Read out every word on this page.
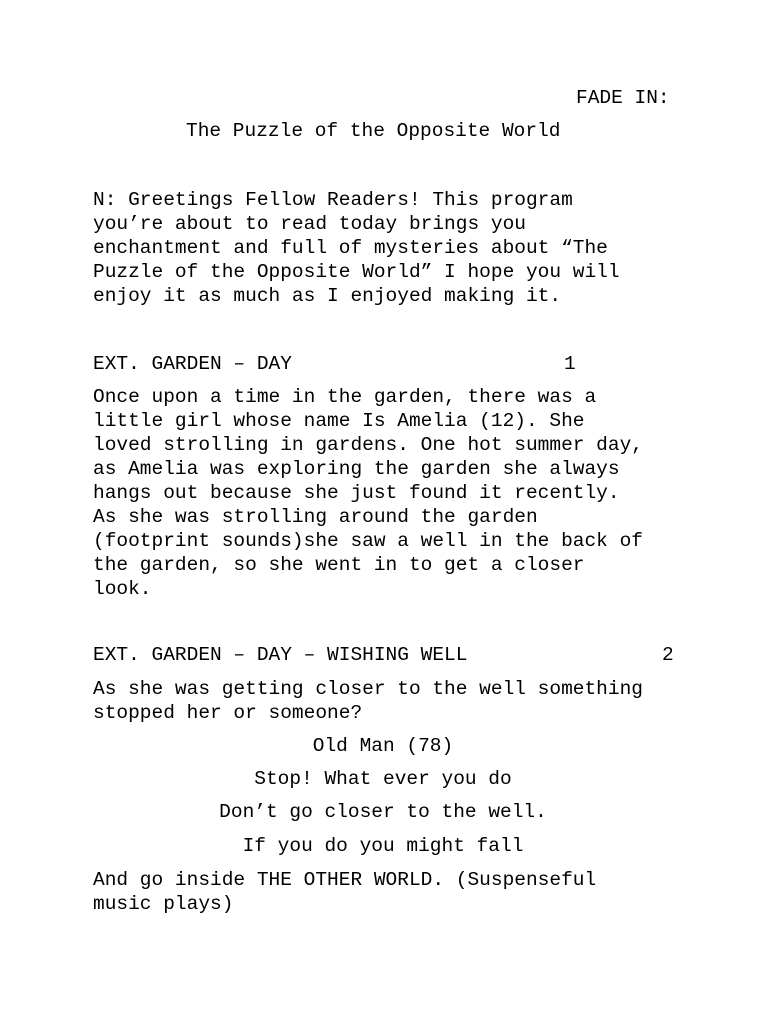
FADE IN:
The Puzzle of the Opposite World
N: Greetings Fellow Readers! This program
you’re about to read today brings you
enchantment and full of mysteries about “The
Puzzle of the Opposite World” I hope you will
enjoy it as much as I enjoyed making it.
EXT. GARDEN – DAY	1
Once upon a time in the garden, there was a
little girl whose name Is Amelia (12). She
loved strolling in gardens. One hot summer day,
as Amelia was exploring the garden she always
hangs out because she just found it recently.
As she was strolling around the garden
(footprint sounds)she saw a well in the back of
the garden, so she went in to get a closer
look.
EXT. GARDEN – DAY – WISHING WELL	2
As she was getting closer to the well something
stopped her or someone?
Old Man (78)
Stop! What ever you do
Don’t go closer to the well.
If you do you might fall
And go inside THE OTHER WORLD. (Suspenseful
music plays)
